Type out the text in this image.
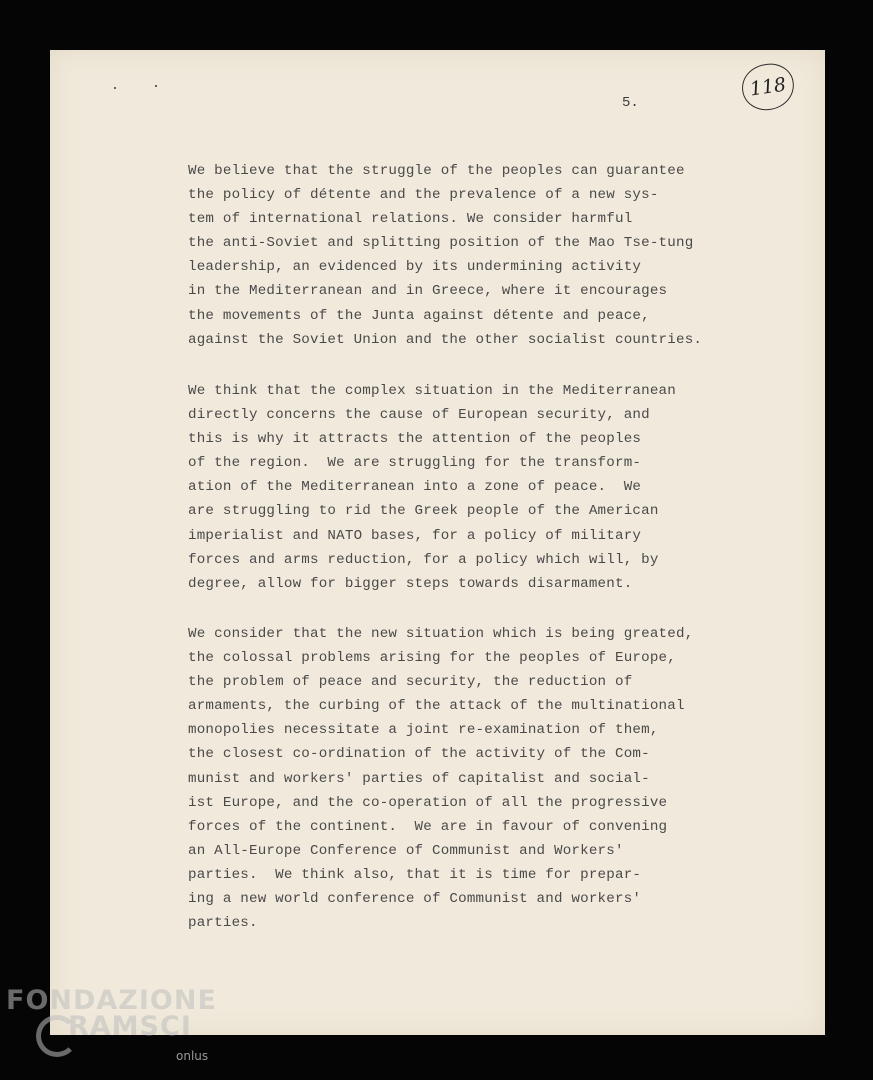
5.
118

We believe that the struggle of the peoples can guarantee
the policy of détente and the prevalence of a new sys-
tem of international relations. We consider harmful
the anti-Soviet and splitting position of the Mao Tse-tung
leadership, an evidenced by its undermining activity
in the Mediterranean and in Greece, where it encourages
the movements of the Junta against détente and peace,
against the Soviet Union and the other socialist countries.

We think that the complex situation in the Mediterranean
directly concerns the cause of European security, and
this is why it attracts the attention of the peoples
of the region.  We are struggling for the transform-
ation of the Mediterranean into a zone of peace.  We
are struggling to rid the Greek people of the American
imperialist and NATO bases, for a policy of military
forces and arms reduction, for a policy which will, by
degree, allow for bigger steps towards disarmament.

We consider that the new situation which is being greated,
the colossal problems arising for the peoples of Europe,
the problem of peace and security, the reduction of
armaments, the curbing of the attack of the multinational
monopolies necessitate a joint re-examination of them,
the closest co-ordination of the activity of the Com-
munist and workers' parties of capitalist and social-
ist Europe, and the co-operation of all the progressive
forces of the continent.  We are in favour of convening
an All-Europe Conference of Communist and Workers'
parties.  We think also, that it is time for prepar-
ing a new world conference of Communist and workers'
parties.

FONDAZIONE
RAMSCI
onlus
